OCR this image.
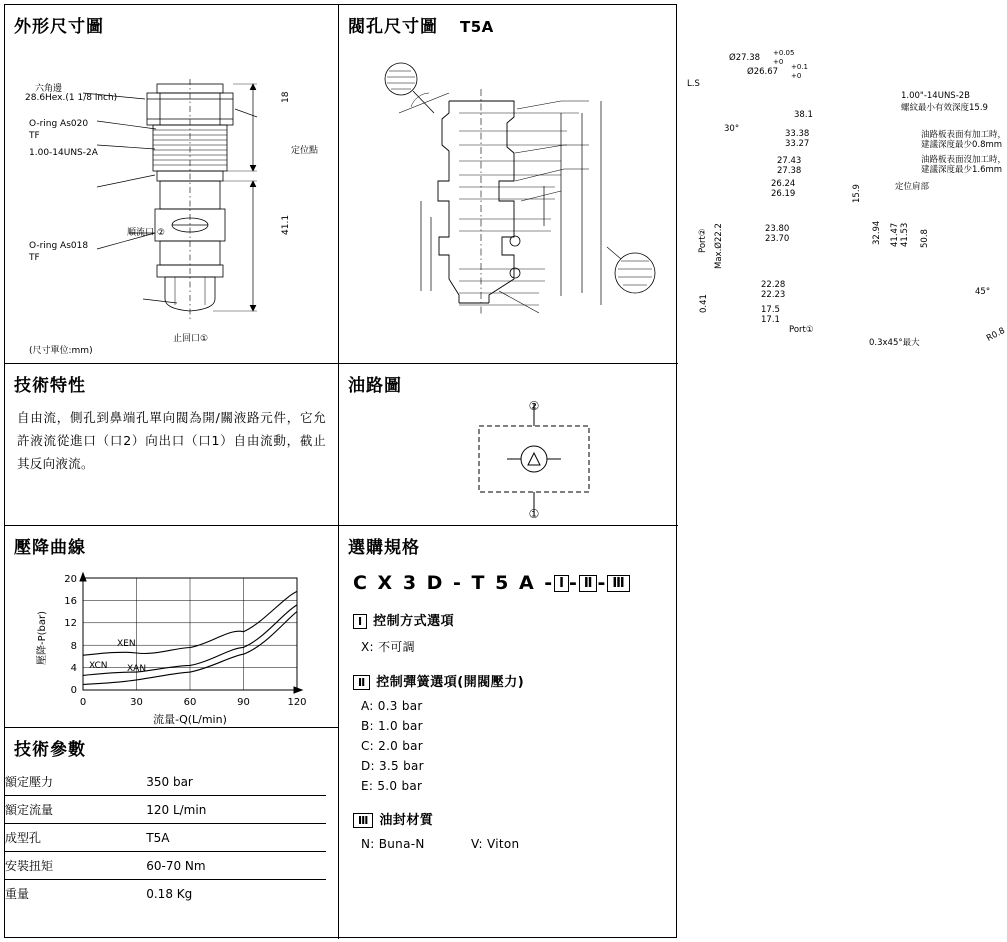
外形尺寸圖
六角邊
28.6Hex.(1 1/8 inch)
O-ring As020
TF
1.00-14UNS-2A
O-ring As018
TF
順流口 ②
止回口①
定位點
18
41.1
(尺寸單位:mm)
閥孔尺寸圖 T5A
L.S
Ø27.38 +0.05
+0
Ø26.67 +0.1
+0
30°
1.00"-14UNS-2B
螺紋最小有效深度15.9
油路板表面有加工時，
建議深度最少0.8mm
油路板表面沒加工時，
建議深度最少1.6mm
定位肩部
38.1
33.38
33.27
27.43
27.38
26.24
26.19
23.80
23.70
22.28
22.23
17.5
17.1
15.9
32.94 41.47 41.53 50.8
Port②
Port①
Max.Ø22.2
0.41
0.3x45°最大
45°
R0.8
技術特性
自由流，側孔到鼻端孔單向閥為開/關液路元件，它允許液流從進口（口2）向出口（口1）自由流動，截止其反向液流。
油路圖
②
①
壓降曲線
XEN
XCN XAN
20
16
12
8
4
0
0	30	60	90	120
壓降-P(bar)
流量-Q(L/min)
技術參數
額定壓力	350 bar
額定流量	120 L/min
成型孔	T5A
安裝扭矩	60-70 Nm
重量	0.18 Kg
選購規格
C X 3 D - T 5 A - Ⅰ - Ⅱ - Ⅲ
Ⅰ 控制方式選項
X: 不可調
Ⅱ 控制彈簧選項(開閥壓力)
A: 0.3 bar
B: 1.0 bar
C: 2.0 bar
D: 3.5 bar
E: 5.0 bar
Ⅲ 油封材質
N: Buna-N	V: Viton
